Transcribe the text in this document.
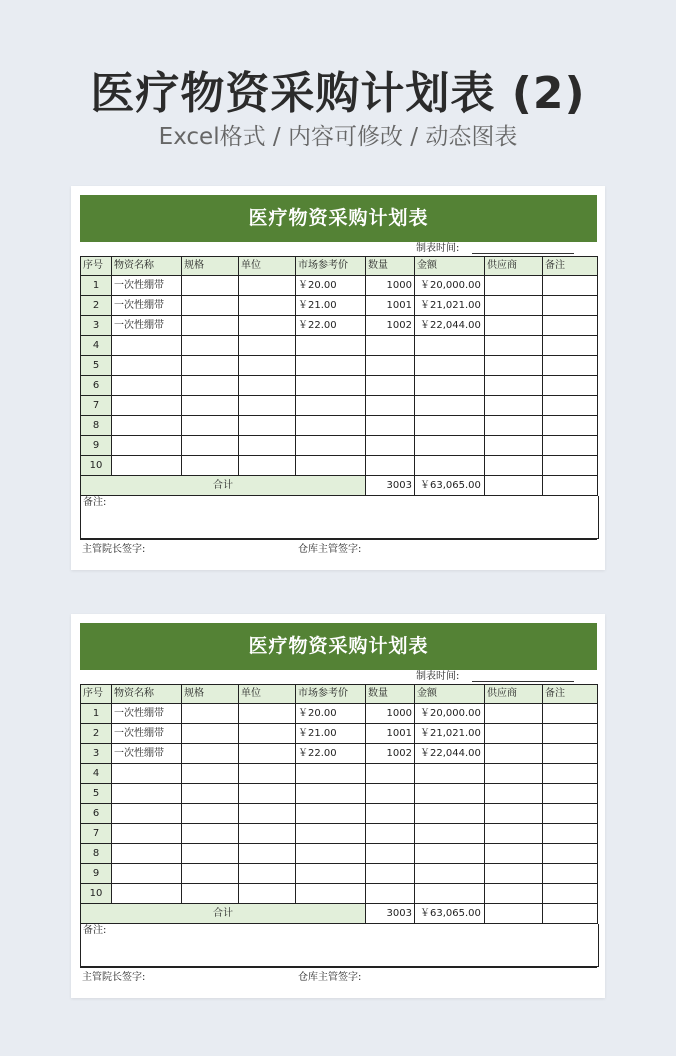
医疗物资采购计划表 (2)
Excel格式 / 内容可修改 / 动态图表
医疗物资采购计划表
制表时间:
序号	物资名称	规格	单位	市场参考价	数量	金额	供应商	备注
1	一次性绷带			￥20.00	1000	￥ 20,000.00		
2	一次性绷带			￥21.00	1001	￥ 21,021.00		
3	一次性绷带			￥22.00	1002	￥ 22,044.00		
4						

5						

6						

7						

8						

9						

10						

合计					3003	￥ 63,065.00		
备注:
主管院长签字:	仓库主管签字:
医疗物资采购计划表
制表时间:
序号	物资名称	规格	单位	市场参考价	数量	金额	供应商	备注
1	一次性绷带			￥20.00	1000	￥ 20,000.00		
2	一次性绷带			￥21.00	1001	￥ 21,021.00		
3	一次性绷带			￥22.00	1002	￥ 22,044.00		
4						

5						

6						

7						

8						

9						

10						

合计					3003	￥ 63,065.00		
备注:
主管院长签字:	仓库主管签字:
